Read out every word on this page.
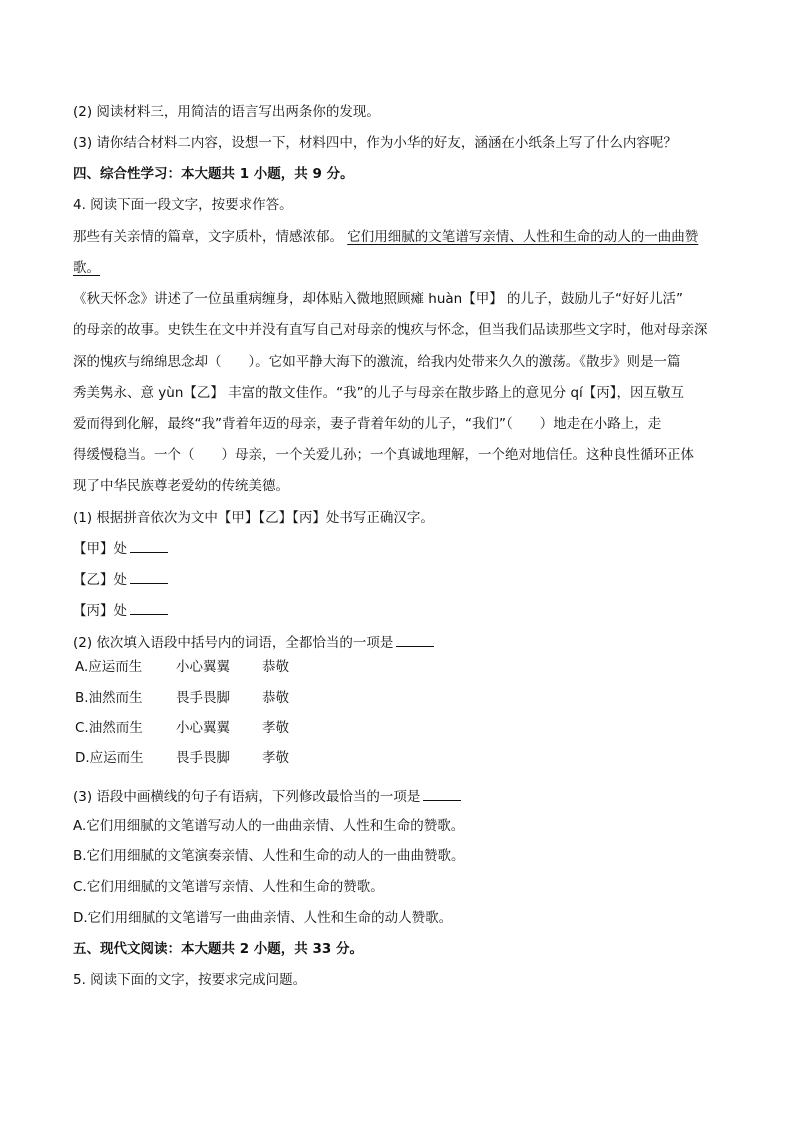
(2) 阅读材料三，用简洁的语言写出两条你的发现。
(3) 请你结合材料二内容，设想一下，材料四中，作为小华的好友，涵涵在小纸条上写了什么内容呢？
四、综合性学习：本大题共 1 小题，共 9 分。
4. 阅读下面一段文字，按要求作答。
那些有关亲情的篇章，文字质朴，情感浓郁。 它们用细腻的文笔谱写亲情、人性和生命的动人的一曲曲赞
歌。
《秋天怀念》讲述了一位虽重病缠身，却体贴入微地照顾瘫 huàn【甲】 的儿子，鼓励儿子“好好儿活”
的母亲的故事。史铁生在文中并没有直写自己对母亲的愧疚与怀念，但当我们品读那些文字时，他对母亲深
深的愧疚与绵绵思念却（　　）。它如平静大海下的激流，给我内处带来久久的激荡。《散步》则是一篇
秀美隽永、意 yùn【乙】 丰富的散文佳作。“我”的儿子与母亲在散步路上的意见分 qí【丙】，因互敬互
爱而得到化解，最终“我”背着年迈的母亲，妻子背着年幼的儿子，“我们”（　　）地走在小路上，走
得缓慢稳当。一个（　　）母亲，一个关爱儿孙；一个真诚地理解，一个绝对地信任。这种良性循环正体
现了中华民族尊老爱幼的传统美德。
(1) 根据拼音依次为文中【甲】【乙】【丙】处书写正确汉字。
【甲】处
【乙】处
【丙】处
(2) 依次填入语段中括号内的词语，全都恰当的一项是
A.应运而生 小心翼翼 恭敬
B.油然而生 畏手畏脚 恭敬
C.油然而生 小心翼翼 孝敬
D.应运而生 畏手畏脚 孝敬
(3) 语段中画横线的句子有语病，下列修改最恰当的一项是
A.它们用细腻的文笔谱写动人的一曲曲亲情、人性和生命的赞歌。
B.它们用细腻的文笔演奏亲情、人性和生命的动人的一曲曲赞歌。
C.它们用细腻的文笔谱写亲情、人性和生命的赞歌。
D.它们用细腻的文笔谱写一曲曲亲情、人性和生命的动人赞歌。
五、现代文阅读：本大题共 2 小题，共 33 分。
5. 阅读下面的文字，按要求完成问题。
